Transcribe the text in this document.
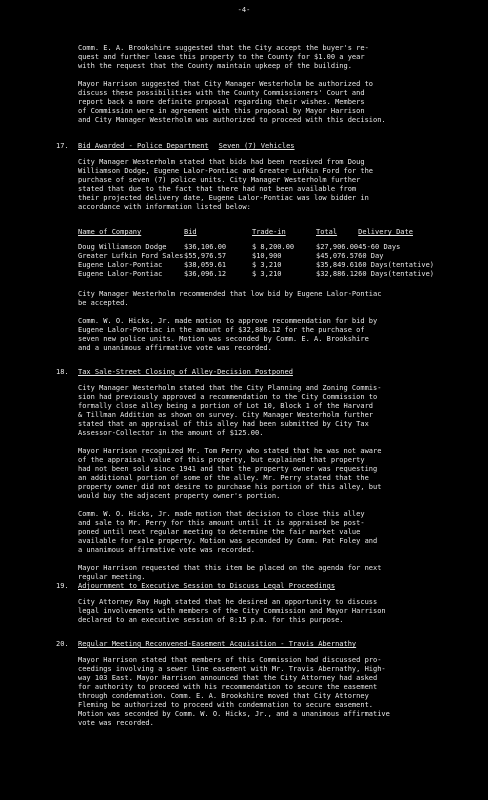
-4-
Comm. E. A. Brookshire suggested that the City accept the buyer's re-
quest and further lease this property to the County for $1.00 a year
with the request that the County maintain upkeep of the building.
Mayor Harrison suggested that City Manager Westerholm be authorized to
discuss these possibilities with the County Commissioners' Court and
report back a more definite proposal regarding their wishes. Members
of Commission were in agreement with this proposal by Mayor Harrison
and City Manager Westerholm was authorized to proceed with this decision.
17. Bid Awarded - Police Department Seven (7) Vehicles
City Manager Westerholm stated that bids had been received from Doug
Williamson Dodge, Eugene Lalor-Pontiac and Greater Lufkin Ford for the
purchase of seven (7) police units. City Manager Westerholm further
stated that due to the fact that there had not been available from
their projected delivery date, Eugene Lalor-Pontiac was low bidder in
accordance with information listed below:
Name of Company	Bid	Trade-in	Total	Delivery Date

Doug Williamson Dodge	$36,106.00	$ 8,200.00	$27,906.00	45-60 Days
Greater Lufkin Ford Sales	$55,976.57	$10,900	$45,076.57	60 Day
Eugene Lalor-Pontiac	$38,059.61	$ 3,210	$35,849.61	60 Days(tentative)
Eugene Lalor-Pontiac	$36,096.12	$ 3,210	$32,886.12	60 Days(tentative)
City Manager Westerholm recommended that low bid by Eugene Lalor-Pontiac
be accepted.
Comm. W. O. Hicks, Jr. made motion to approve recommendation for bid by
Eugene Lalor-Pontiac in the amount of $32,886.12 for the purchase of
seven new police units. Motion was seconded by Comm. E. A. Brookshire
and a unanimous affirmative vote was recorded.
18. Tax Sale-Street Closing of Alley-Decision Postponed
City Manager Westerholm stated that the City Planning and Zoning Commis-
sion had previously approved a recommendation to the City Commission to
formally close alley being a portion of Lot 10, Block 1 of the Harvard
& Tillman Addition as shown on survey. City Manager Westerholm further
stated that an appraisal of this alley had been submitted by City Tax
Assessor-Collector in the amount of $125.00.
Mayor Harrison recognized Mr. Tom Perry who stated that he was not aware
of the appraisal value of this property, but explained that property
had not been sold since 1941 and that the property owner was requesting
an additional portion of some of the alley. Mr. Perry stated that the
property owner did not desire to purchase his portion of this alley, but
would buy the adjacent property owner's portion.
Comm. W. O. Hicks, Jr. made motion that decision to close this alley
and sale to Mr. Perry for this amount until it is appraised be post-
poned until next regular meeting to determine the fair market value
available for sale property. Motion was seconded by Comm. Pat Foley and
a unanimous affirmative vote was recorded.
Mayor Harrison requested that this item be placed on the agenda for next
regular meeting.
19. Adjournment to Executive Session to Discuss Legal Proceedings
City Attorney Ray Hugh stated that he desired an opportunity to discuss
legal involvements with members of the City Commission and Mayor Harrison
declared to an executive session of 8:15 p.m. for this purpose.
20. Regular Meeting Reconvened-Easement Acquisition - Travis Abernathy
Mayor Harrison stated that members of this Commission had discussed pro-
ceedings involving a sewer line easement with Mr. Travis Abernathy, High-
way 103 East. Mayor Harrison announced that the City Attorney had asked
for authority to proceed with his recommendation to secure the easement
through condemnation. Comm. E. A. Brookshire moved that City Attorney
Fleming be authorized to proceed with condemnation to secure easement.
Motion was seconded by Comm. W. O. Hicks, Jr., and a unanimous affirmative
vote was recorded.
